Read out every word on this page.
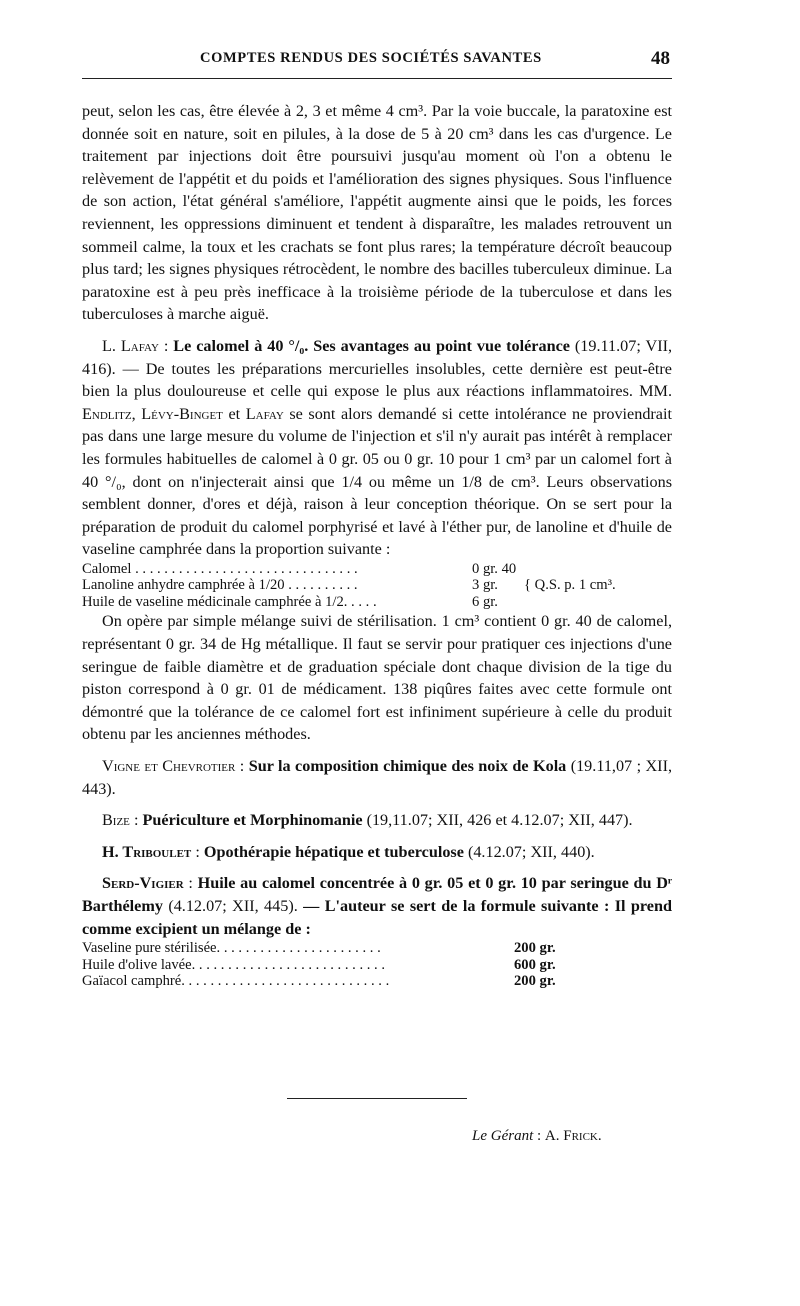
COMPTES RENDUS DES SOCIÉTÉS SAVANTES	48

peut, selon les cas, être élevée à 2, 3 et même 4 cm³. Par la voie buccale, la paratoxine est donnée soit en nature, soit en pilules, à la dose de 5 à 20 cm³ dans les cas d'urgence. Le traitement par injections doit être poursuivi jusqu'au moment où l'on a obtenu le relèvement de l'appétit et du poids et l'amélioration des signes physiques. Sous l'influence de son action, l'état général s'améliore, l'appétit augmente ainsi que le poids, les forces reviennent, les oppressions diminuent et tendent à disparaître, les malades retrouvent un sommeil calme, la toux et les crachats se font plus rares; la température décroît beaucoup plus tard; les signes physiques rétrocèdent, le nombre des bacilles tuberculeux diminue. La paratoxine est à peu près inefficace à la troisième période de la tuberculose et dans les tuberculoses à marche aiguë.

L. Lafay : Le calomel à 40 °/₀. Ses avantages au point vue tolérance (19.11.07; VII, 416). — De toutes les préparations mercurielles insolubles, cette dernière est peut-être bien la plus douloureuse et celle qui expose le plus aux réactions inflammatoires. MM. Endlitz, Lévy-Binget et Lafay se sont alors demandé si cette intolérance ne proviendrait pas dans une large mesure du volume de l'injection et s'il n'y aurait pas intérêt à remplacer les formules habituelles de calomel à 0 gr. 05 ou 0 gr. 10 pour 1 cm³ par un calomel fort à 40 °/₀, dont on n'injecterait ainsi que 1/4 ou même un 1/8 de cm³. Leurs observations semblent donner, d'ores et déjà, raison à leur conception théorique. On se sert pour la préparation de produit du calomel porphyrisé et lavé à l'éther pur, de lanoline et d'huile de vaseline camphrée dans la proportion suivante :

Calomel . . . . . . . . . . . . . . . . . . . . . . . . . . . . . . .	0 gr. 40	
Lanoline anhydre camphrée à 1/20 . . . . . . . . . .	3 gr.	{ Q.S. p. 1 cm³.
Huile de vaseline médicinale camphrée à 1/2. . . . .	6 gr.	

On opère par simple mélange suivi de stérilisation. 1 cm³ contient 0 gr. 40 de calomel, représentant 0 gr. 34 de Hg métallique. Il faut se servir pour pratiquer ces injections d'une seringue de faible diamètre et de graduation spéciale dont chaque division de la tige du piston correspond à 0 gr. 01 de médicament. 138 piqûres faites avec cette formule ont démontré que la tolérance de ce calomel fort est infiniment supérieure à celle du produit obtenu par les anciennes méthodes.

Vigne et Chevrotier : Sur la composition chimique des noix de Kola (19.11,07 ; XII, 443).

Bize : Puériculture et Morphinomanie (19,11.07; XII, 426 et 4.12.07; XII, 447).

H. Triboulet : Opothérapie hépatique et tuberculose (4.12.07; XII, 440).

Serd-Vigier : Huile au calomel concentrée à 0 gr. 05 et 0 gr. 10 par seringue du Dʳ Barthélemy (4.12.07; XII, 445). — L'auteur se sert de la formule suivante : Il prend comme excipient un mélange de :

Vaseline pure stérilisée. . . . . . . . . . . . . . . . . . . . . . .	200 gr.
Huile d'olive lavée. . . . . . . . . . . . . . . . . . . . . . . . . . .	600 gr.
Gaïacol camphré. . . . . . . . . . . . . . . . . . . . . . . . . . . . .	200 gr.
Le Gérant : A. Frick.
